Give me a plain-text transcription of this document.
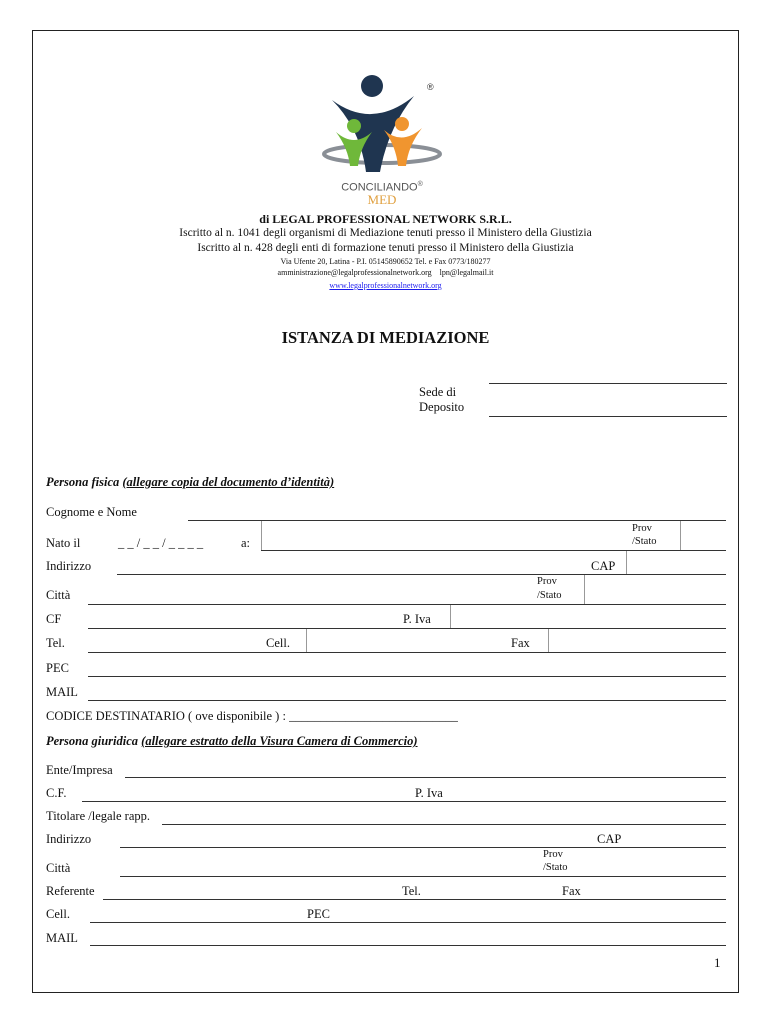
®
CONCILIANDO®
MED
di LEGAL PROFESSIONAL NETWORK S.R.L.
Iscritto al n. 1041 degli organismi di Mediazione tenuti presso il Ministero della Giustizia
Iscritto al n. 428 degli enti di formazione tenuti presso il Ministero della Giustizia
Via Ufente 20, Latina - P.I. 05145890652 Tel. e Fax 0773/180277
amministrazione@legalprofessionalnetwork.org lpn@legalmail.it
www.legalprofessionalnetwork.org
ISTANZA DI MEDIAZIONE
Sede di
Deposito
Persona fisica (allegare copia del documento d’identità)
Cognome e Nome
Nato il	_ _ / _ _ / _ _ _ _	a:
Prov
/Stato
Indirizzo	CAP
Città
Prov
/Stato
CF	P. Iva
Tel.	Cell.	Fax
PEC
MAIL
CODICE DESTINATARIO ( ove disponibile ) : ___________________________
Persona giuridica (allegare estratto della Visura Camera di Commercio)
Ente/Impresa
C.F.	P. Iva
Titolare /legale rapp.
Indirizzo	CAP
Città
Prov
/Stato
Referente	Tel.	Fax
Cell.	PEC
MAIL
1
